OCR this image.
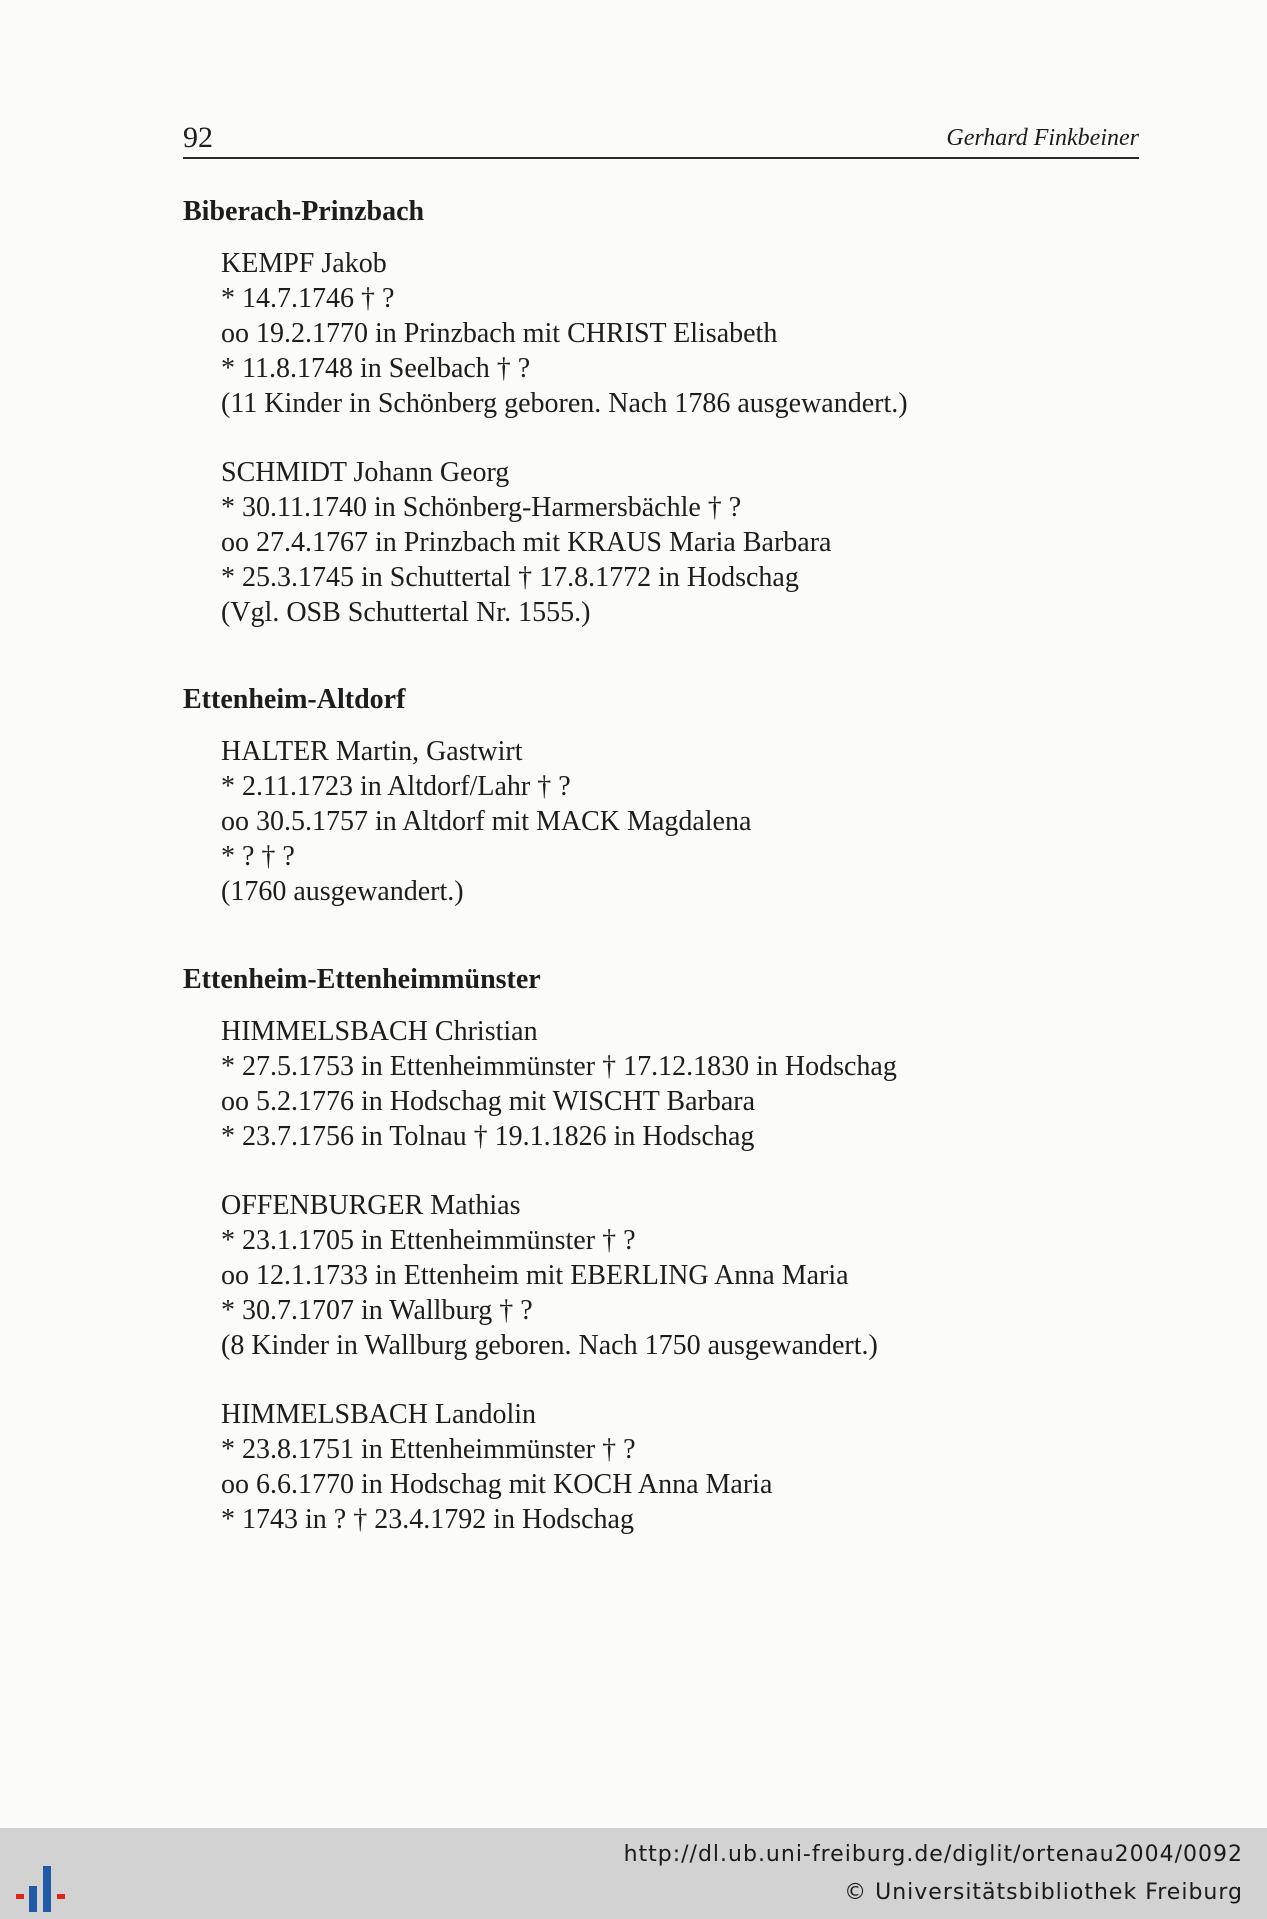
92	Gerhard Finkbeiner
Biberach-Prinzbach
KEMPF Jakob
* 14.7.1746 † ?
oo 19.2.1770 in Prinzbach mit CHRIST Elisabeth
* 11.8.1748 in Seelbach † ?
(11 Kinder in Schönberg geboren. Nach 1786 ausgewandert.)
SCHMIDT Johann Georg
* 30.11.1740 in Schönberg-Harmersbächle † ?
oo 27.4.1767 in Prinzbach mit KRAUS Maria Barbara
* 25.3.1745 in Schuttertal † 17.8.1772 in Hodschag
(Vgl. OSB Schuttertal Nr. 1555.)
Ettenheim-Altdorf
HALTER Martin, Gastwirt
* 2.11.1723 in Altdorf/Lahr † ?
oo 30.5.1757 in Altdorf mit MACK Magdalena
* ? † ?
(1760 ausgewandert.)
Ettenheim-Ettenheimmünster
HIMMELSBACH Christian
* 27.5.1753 in Ettenheimmünster † 17.12.1830 in Hodschag
oo 5.2.1776 in Hodschag mit WISCHT Barbara
* 23.7.1756 in Tolnau † 19.1.1826 in Hodschag
OFFENBURGER Mathias
* 23.1.1705 in Ettenheimmünster † ?
oo 12.1.1733 in Ettenheim mit EBERLING Anna Maria
* 30.7.1707 in Wallburg † ?
(8 Kinder in Wallburg geboren. Nach 1750 ausgewandert.)
HIMMELSBACH Landolin
* 23.8.1751 in Ettenheimmünster † ?
oo 6.6.1770 in Hodschag mit KOCH Anna Maria
* 1743 in ? † 23.4.1792 in Hodschag
http://dl.ub.uni-freiburg.de/diglit/ortenau2004/0092
© Universitätsbibliothek Freiburg
